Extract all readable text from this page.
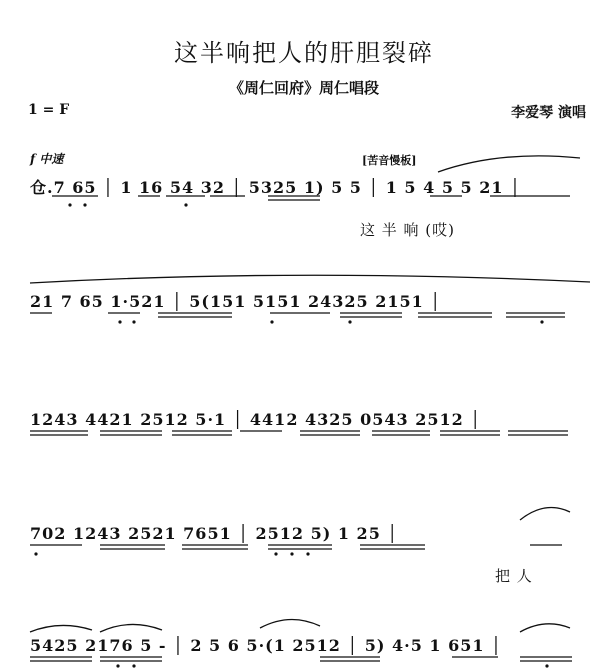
这半响把人的肝胆裂碎
《周仁回府》周仁唱段
1 = F	李爱琴 演唱
f 中速	[苦音慢板]
仓.7 65 │ 1 16 54 32 │ 5325 1) 5 5 │ 1 5 4 5 5 21 │
这 半 响 (哎)
21 7 65 1·521 │ 5(151 5151 24325 2151 │
1243 4421 2512 5·1 │ 4412 4325 0543 2512 │
702 1243 2521 7651 │ 2512 5) 1 25 │
把 人
5425 2176 5 - │ 2 5 6 5·(1 2512 │ 5) 4·5 1 651 │
